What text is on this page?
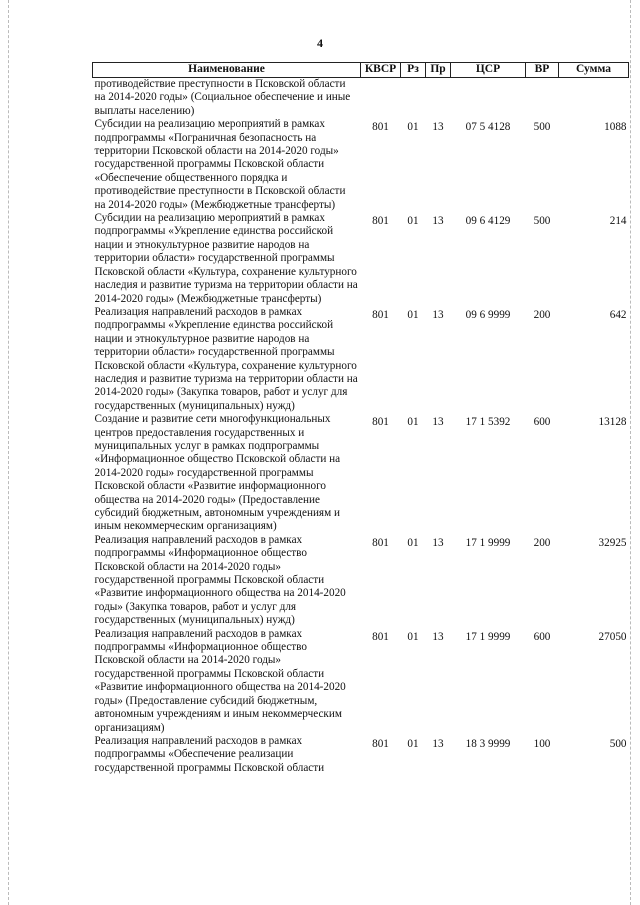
4
Наименование	КВСР	Рз	Пр	ЦСР	ВР	Сумма
противодействие преступности в Псковской области на 2014-2020 годы» (Социальное обеспечение и иные выплаты населению)						
Субсидии на реализацию мероприятий в рамках подпрограммы «Пограничная безопасность на территории Псковской области на 2014-2020 годы» государственной программы Псковской области «Обеспечение общественного порядка и противодействие преступности в Псковской области на 2014-2020 годы» (Межбюджетные трансферты)	801	01	13	07 5 4128	500	1088
Субсидии на реализацию мероприятий в рамках подпрограммы «Укрепление единства российской нации и этнокультурное развитие народов на территории области» государственной программы Псковской области «Культура, сохранение культурного наследия и развитие туризма на территории области на 2014-2020 годы» (Межбюджетные трансферты)	801	01	13	09 6 4129	500	214
Реализация направлений расходов в рамках подпрограммы «Укрепление единства российской нации и этнокультурное развитие народов на территории области» государственной программы Псковской области «Культура, сохранение культурного наследия и развитие туризма на территории области на 2014-2020 годы» (Закупка товаров, работ и услуг для государственных (муниципальных) нужд)	801	01	13	09 6 9999	200	642
Создание и развитие сети многофункциональных центров предоставления государственных и муниципальных услуг в рамках подпрограммы «Информационное общество Псковской области на 2014-2020 годы» государственной программы Псковской области «Развитие информационного общества на 2014-2020 годы» (Предоставление субсидий бюджетным, автономным учреждениям и иным некоммерческим организациям)	801	01	13	17 1 5392	600	13128
Реализация направлений расходов в рамках подпрограммы «Информационное общество Псковской области на 2014-2020 годы» государственной программы Псковской области «Развитие информационного общества на 2014-2020 годы» (Закупка товаров, работ и услуг для государственных (муниципальных) нужд)	801	01	13	17 1 9999	200	32925
Реализация направлений расходов в рамках подпрограммы «Информационное общество Псковской области на 2014-2020 годы» государственной программы Псковской области «Развитие информационного общества на 2014-2020 годы» (Предоставление субсидий бюджетным, автономным учреждениям и иным некоммерческим организациям)	801	01	13	17 1 9999	600	27050
Реализация направлений расходов в рамках подпрограммы «Обеспечение реализации государственной программы Псковской области	801	01	13	18 3 9999	100	500
